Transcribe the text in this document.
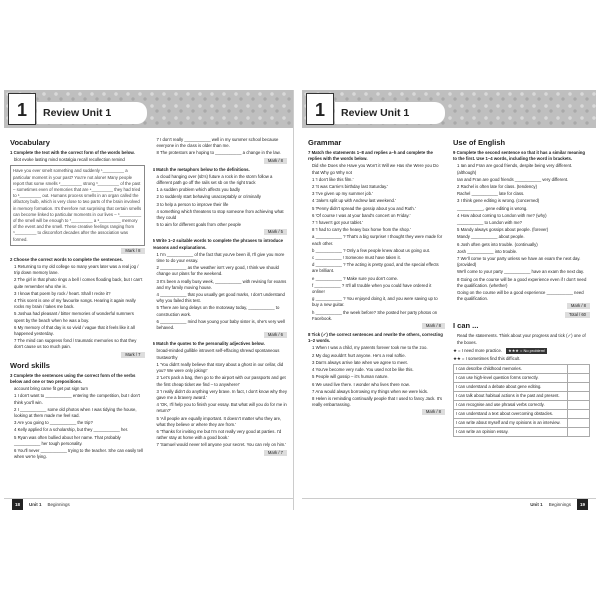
1	Review Unit 1
Vocabulary
1 Complete the text with the correct form of the words below.
blot evoke lasting mind nostalgia recall recollection remind
Have you ever smelt something and suddenly ¹_________ a particular moment in your past? You're not alone! Many people report that some smells ²_________ strong ³_________ of the past – sometimes even of memories that are ⁴_________ they had tried to ⁵_________ out. Humans process smells in an organ called the olfactory bulb, which is very close to two parts of the brain involved in memory formation. It's therefore not surprising that certain smells can become linked to particular moments in our lives – ⁶_________ of the smell will be enough to ⁷_________ a ⁸_________ memory of the event and the smell. These creative feelings ranging from ⁹_________ to discomfort decades after the association was formed.
Mark / 8
2 Choose the correct words to complete the sentences.
1 Returning to my old college so many years later was a real jog / trip down memory lane.
2 The girl in that photo rings a bell / comes flooding back, but I can't quite remember who she is.
3 I know that poem by rock / heart. Shall I recite it?
4 This scent is one of my favourite songs. Hearing it again really rocks my brain / takes me back.
5 Joshua had pleasant / bitter memories of wonderful summers spent by the beach when he was a boy.
6 My memory of that day is so vivid / vague that it feels like it all happened yesterday.
7 The mind can suppress fond / traumatic memories so that they don't cause us too much pain.
Mark / 7
Word skills
3 Complete the sentences using the correct form of the verbs below and one or two prepositions.
account bring came fit get put sign turn
1 I don't want to ___________ entering the competition, but I don't think you'll win.
2 I ___________ some old photos when I was tidying the house, looking at them made me feel sad.
3 Are you going to ___________ the trip?
4 Kelly applied for a scholarship, but they ___________ her.
5 Ryan was often bullied about her name. That probably ___________ her tough personality.
6 You'll never ___________ trying to the teacher. She can easily tell when we're lying.
7 I don't really ___________ well in my summer school because everyone in the class is older than me.
8 The protestors are hoping to ___________ a change in the law.
Mark / 8
4 Match the metaphors below to the definitions.
a cloud hanging over (sb's) future a rock in the storm follow a different path go off the rails set sb on the right track
1 a sudden problem which affects you badly
2 to suddenly start behaving unacceptably or criminally
3 to help a person to improve their life
4 something which threatens to stop someone from achieving what they could
5 to aim for different goals from other people
Mark / 5
5 Write 1–2 suitable words to complete the phrases to introduce reasons and explanations.
1 I'm ___________ of the fact that you've been ill, I'll give you more time to do your essay.
2 ___________ as the weather isn't very good, I think we should change our plans for the weekend.
3 It's been a really busy week, ___________ with revising for exams and my family moving house.
4 ___________ that you usually get good marks, I don't understand why you failed this test.
5 There are long delays on the motorway today, ___________ to construction work.
6 ___________ mind how young your baby sister is, she's very well behaved.
Mark / 6
6 Match the quotes to the personality adjectives below.
broad-minded gullible introvert self-effacing shrewd spontaneous trustworthy
1 'You didn't really believe that story about a ghost in our cellar, did you? We were only joking!'
2 'Let's pack a bag, then go to the airport with our passports and get the first cheap ticket we find – to anywhere!'
3 'I really didn't do anything very brave. In fact, I don't know why they gave me a bravery award.'
4 'OK, I'll help you to finish your essay. But what will you do for me in return?'
5 'All people are equally important. It doesn't matter who they are, what they believe or where they are from.'
6 'Thanks for inviting me but I'm not really very good at parties. I'd rather stay at home with a good book.'
7 'Samuel would never tell anyone your secret. You can rely on him.'
Mark / 7
18	Unit 1 Beginnings
1	Review Unit 1
Grammar
7 Match the statements 1–8 and replies a–h and complete the replies with the words below.
Did she Does she Have you Won't it Will we Has she Were you Do that Why go Why not
1 'I don't like this film.'
2 'It was Carrie's birthday last Saturday.'
3 'I've given up my summer job.'
4 'Jake's split up with Andrew last weekend.'
5 'Penny didn't spread the gossip about you and Ruth.'
6 'Of course I was at your band's concert on Friday.'
7 'I haven't got your tablet.'
8 'I had to carry the heavy box home from the shop.'
a ___________ ? That's a big surprise! I thought they were made for each other.
b ___________ ? Only a few people knew about us going out.
c ___________ ! Someone must have taken it.
d ___________ ? The acting is pretty good, and the special effects are brilliant.
e ___________ ? Make sure you don't come.
f ___________ ? It'll all trouble when you could have ordered it online!
g ___________ ? You enjoyed doing it, and you were saving up to buy a new guitar.
h ___________ the week before? She posted her party photos on Facebook.
Mark / 8
8 Tick (✓) the correct sentences and rewrite the others, correcting 1–2 words.
1 When I was a child, my parents forever took me to the zoo.
2 My dog wouldn't hurt anyone. He's a real softie.
3 Dan's always arrive late when we agree to meet.
4 You've become very rude. You used not be like this.
5 People will gossip – it's human nature.
6 We used live there. I wonder who lives there now.
7 Ana would always borrowing my things when we were kids.
8 Helen is reminding continually people that I used to fancy Jack. It's really embarrassing.
Mark / 8
Use of English
9 Complete the second sentence so that it has a similar meaning to the first. Use 1–4 words, including the word in brackets.
1 Ian and Fran are good friends, despite being very different. (although)
Ian and Fran are good friends ___________ very different.
2 Rachel is often late for class. (tendency)
Rachel ___________ late for class.
3 I think gene editing is wrong. (concerned)
___________, gene editing is wrong.
4 How about coming to London with me? (why)
___________ to London with me?
5 Mandy always gossips about people. (forever)
Mandy ___________ about people.
6 Josh often gets into trouble. (continually)
Josh ___________ into trouble.
7 We'll come to your party unless we have an exam the next day. (provided)
We'll come to your party ___________ have an exam the next day.
8 Going on the course will be a good experience even if I don't need the qualification. (whether)
Going on the course will be a good experience ___________ need the qualification.
Mark / 8
Total / 60
I can ...
Read the statements. Think about your progress and tick (✓) one of the boxes.
★ = I need more practice.	★★★ = No problem!
★★ = I sometimes find this difficult.
I can describe childhood memories.	
I can use high-level question forms correctly.	
I can understand a debate about gene editing.	
I can talk about habitual actions in the past and present.	
I can recognise and use phrasal verbs correctly.	
I can understand a text about overcoming obstacles.	
I can write about myself and my opinions in an interview.	
I can write an opinion essay.	
Unit 1 Beginnings	19
